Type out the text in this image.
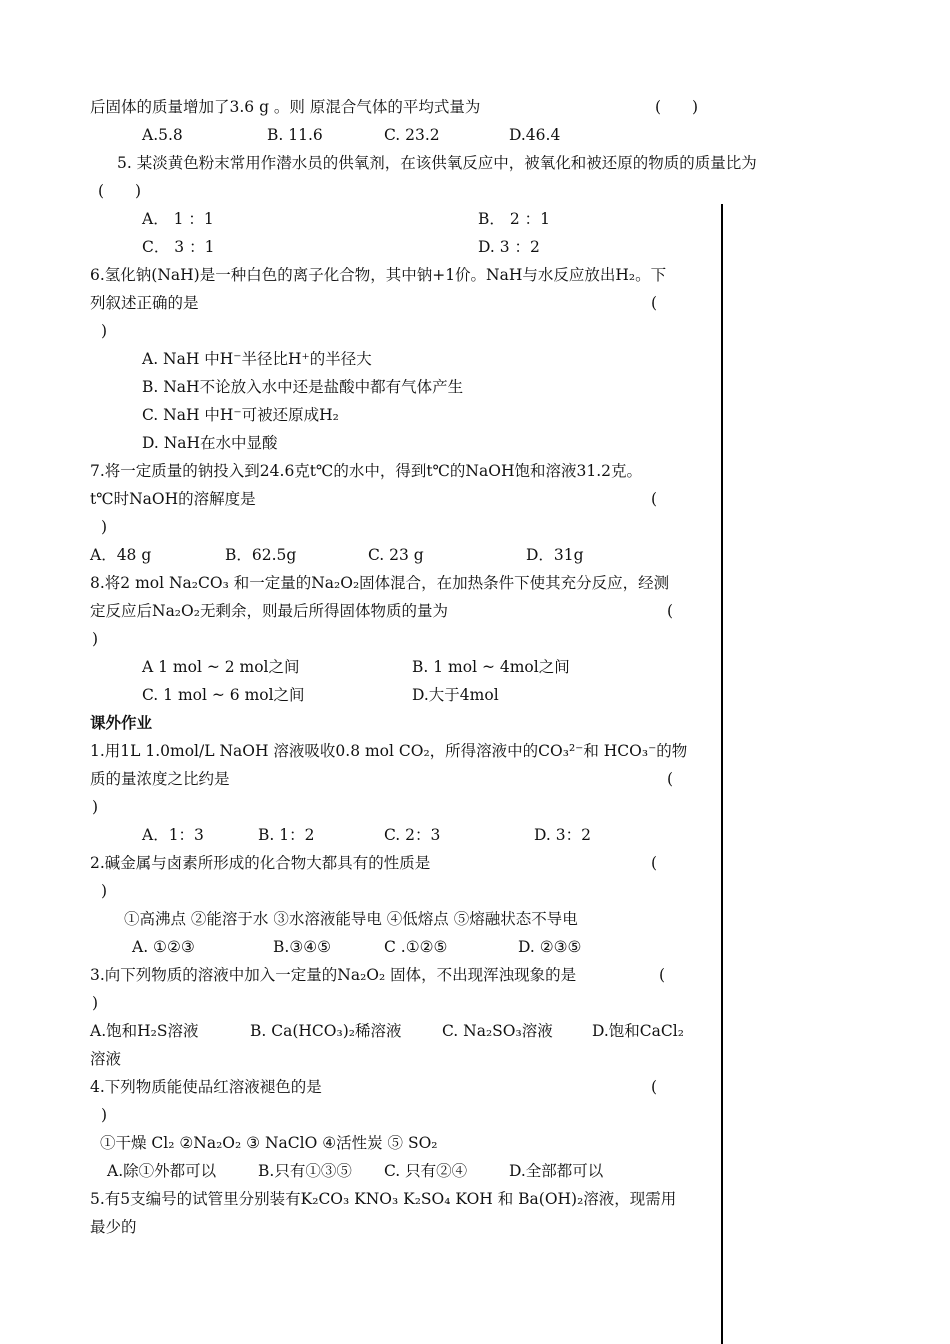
后固体的质量增加了3.6 g 。则 原混合气体的平均式量为	(　　)
A.5.8	B. 11.6	C. 23.2	D.46.4
5. 某淡黄色粉末常用作潜水员的供氧剂，在该供氧反应中，被氧化和被还原的物质的质量比为
(　　)
A． 1 ：1	B． 2 ：1
C． 3 ：1	D. 3 ：2
6.氢化钠(NaH)是一种白色的离子化合物，其中钠+1价。NaH与水反应放出H₂。下
列叙述正确的是	(
)
A. NaH 中H⁻半径比H⁺的半径大
B. NaH不论放入水中还是盐酸中都有气体产生
C. NaH 中H⁻可被还原成H₂
D. NaH在水中显酸
7.将一定质量的钠投入到24.6克t℃的水中，得到t℃的NaOH饱和溶液31.2克。
t℃时NaOH的溶解度是	(
)
A．48 g	B．62.5g	C. 23 g	D．31g
8.将2 mol Na₂CO₃ 和一定量的Na₂O₂固体混合，在加热条件下使其充分反应，经测
定反应后Na₂O₂无剩余，则最后所得固体物质的量为	(
)
A 1 mol ~ 2 mol之间	B. 1 mol ~ 4mol之间
C. 1 mol ~ 6 mol之间	D.大于4mol
课外作业
1.用1L 1.0mol/L NaOH 溶液吸收0.8 mol CO₂，所得溶液中的CO₃²⁻和 HCO₃⁻的物
质的量浓度之比约是	(
)
A．1：3	B. 1：2	C. 2：3	D. 3：2
2.碱金属与卤素所形成的化合物大都具有的性质是	(
)
①高沸点 ②能溶于水 ③水溶液能导电 ④低熔点 ⑤熔融状态不导电
A. ①②③	B.③④⑤	C .①②⑤	D. ②③⑤
3.向下列物质的溶液中加入一定量的Na₂O₂ 固体，不出现浑浊现象的是	(
)
A.饱和H₂S溶液	B. Ca(HCO₃)₂稀溶液	C. Na₂SO₃溶液	D.饱和CaCl₂
溶液
4.下列物质能使品红溶液褪色的是	(
)
①干燥 Cl₂ ②Na₂O₂ ③ NaClO ④活性炭 ⑤ SO₂
A.除①外都可以	B.只有①③⑤ C. 只有②④	D.全部都可以
5.有5支编号的试管里分别装有K₂CO₃ KNO₃ K₂SO₄ KOH 和 Ba(OH)₂溶液，现需用
最少的
